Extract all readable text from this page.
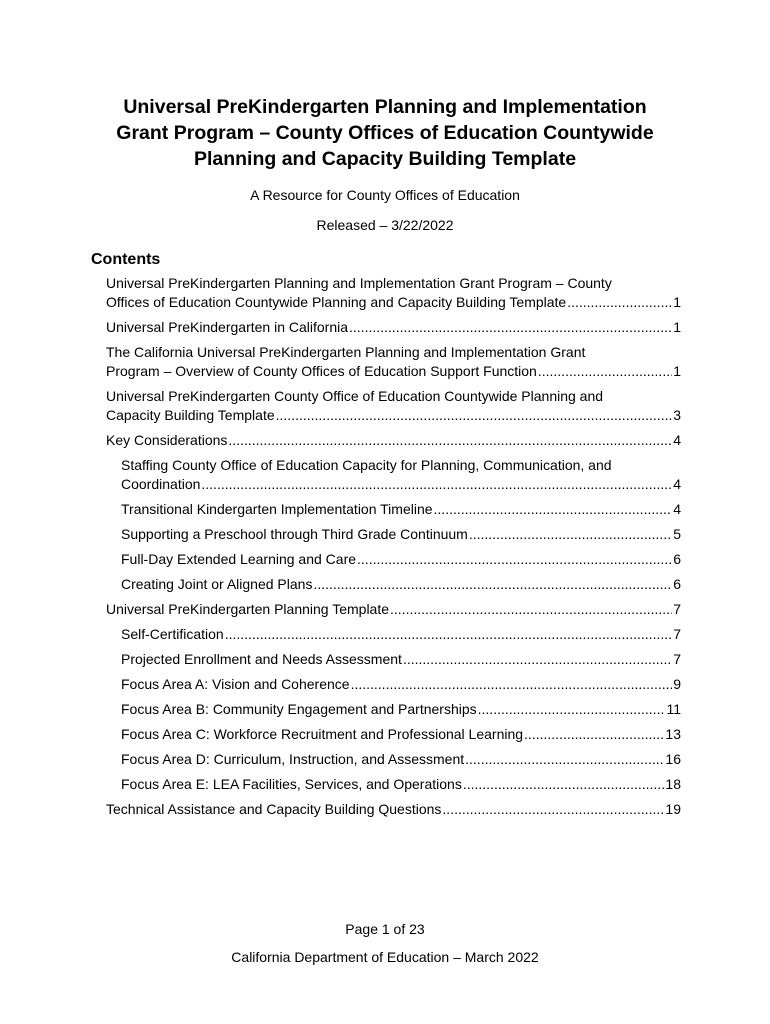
Universal PreKindergarten Planning and Implementation
Grant Program – County Offices of Education Countywide
Planning and Capacity Building Template
A Resource for County Offices of Education
Released – 3/22/2022
Contents
Universal PreKindergarten Planning and Implementation Grant Program – County
Offices of Education Countywide Planning and Capacity Building Template .....	1
Universal PreKindergarten in California .....	1
The California Universal PreKindergarten Planning and Implementation Grant
Program – Overview of County Offices of Education Support Function .....	1
Universal PreKindergarten County Office of Education Countywide Planning and
Capacity Building Template .....	3
Key Considerations .....	4
Staffing County Office of Education Capacity for Planning, Communication, and
Coordination .....	4
Transitional Kindergarten Implementation Timeline .....	4
Supporting a Preschool through Third Grade Continuum .....	5
Full-Day Extended Learning and Care .....	6
Creating Joint or Aligned Plans .....	6
Universal PreKindergarten Planning Template .....	7
Self-Certification .....	7
Projected Enrollment and Needs Assessment .....	7
Focus Area A: Vision and Coherence .....	9
Focus Area B: Community Engagement and Partnerships .....	11
Focus Area C: Workforce Recruitment and Professional Learning .....	13
Focus Area D: Curriculum, Instruction, and Assessment .....	16
Focus Area E: LEA Facilities, Services, and Operations .....	18
Technical Assistance and Capacity Building Questions .....	19
Page 1 of 23
California Department of Education – March 2022
